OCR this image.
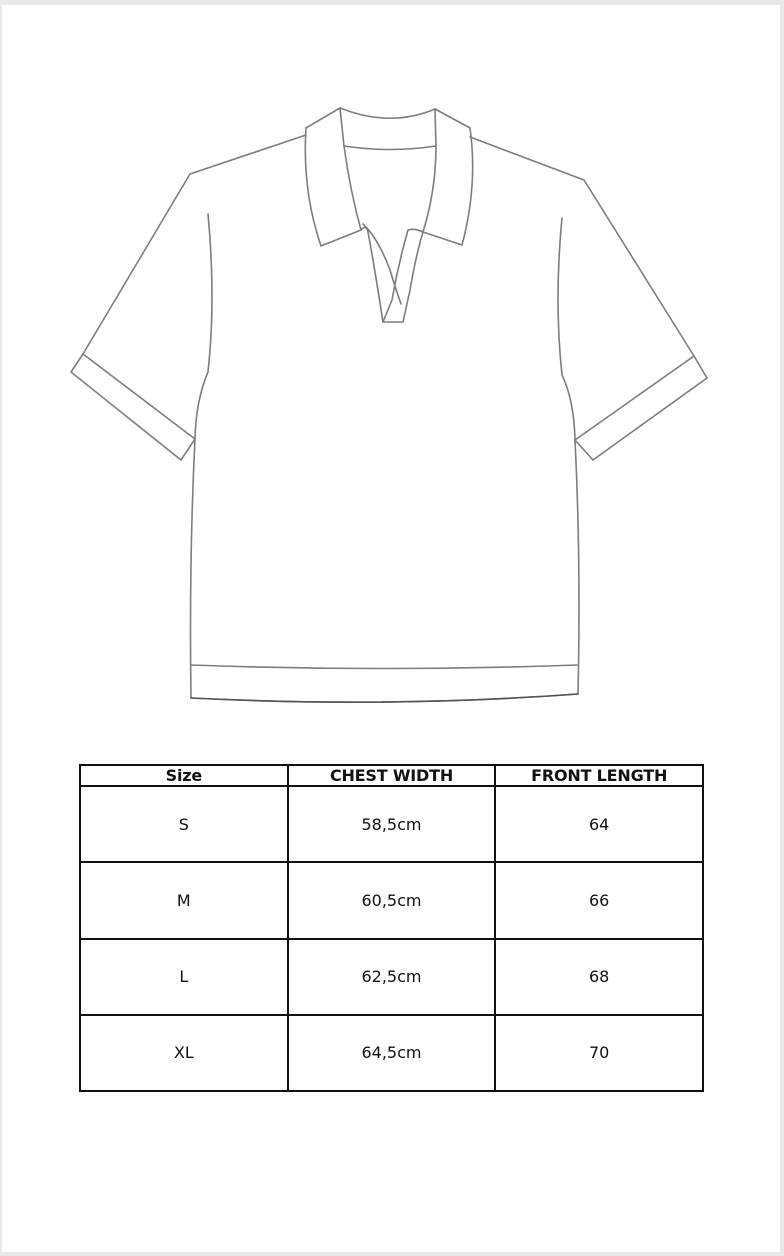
Size	CHEST WIDTH	FRONT LENGTH
S	58,5cm	64
M	60,5cm	66
L	62,5cm	68
XL	64,5cm	70
